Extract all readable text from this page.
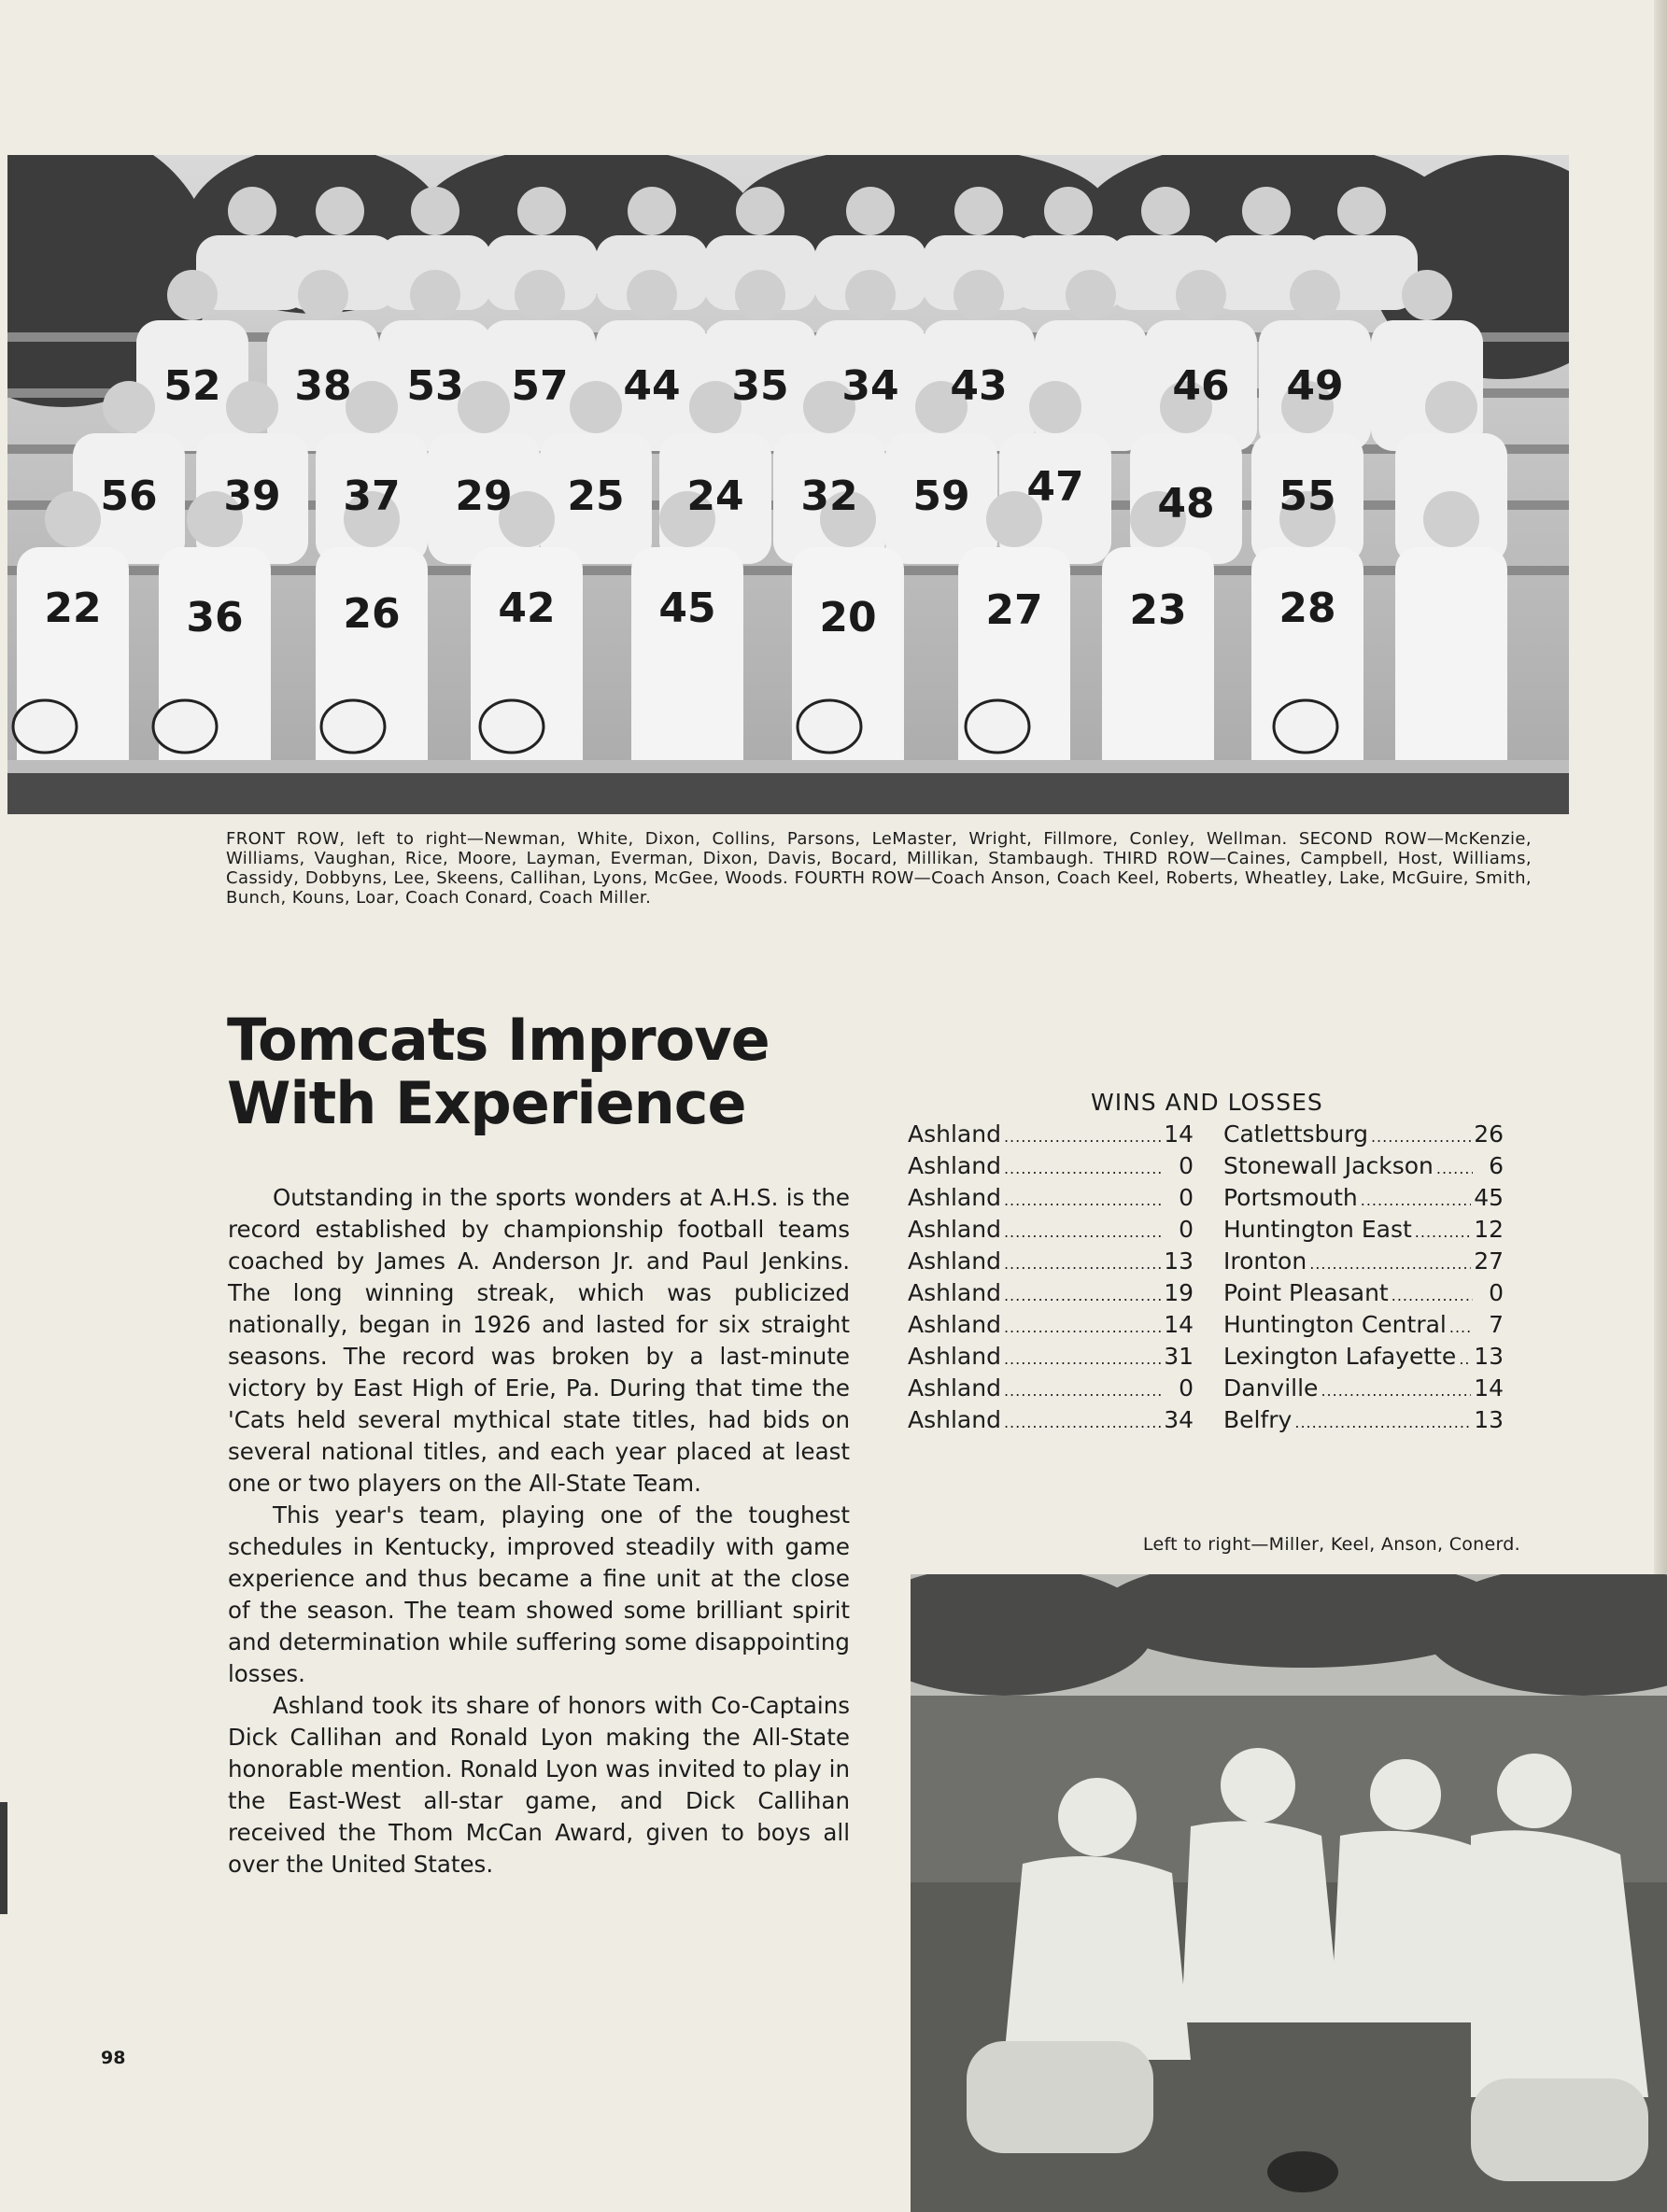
52 38 53 57 44 35 34 43	46 49
56 39 37 29 25 24 32 59 47 48 55
22 36 26 42	45	20	27 23 28
FRONT ROW, left to right—Newman, White, Dixon, Collins, Parsons, LeMaster, Wright, Fillmore, Conley, Wellman. SECOND ROW—McKenzie, Williams, Vaughan, Rice, Moore, Layman, Everman, Dixon, Davis, Bocard, Millikan, Stambaugh. THIRD ROW—Caines, Campbell, Host, Williams, Cassidy, Dobbyns, Lee, Skeens, Callihan, Lyons, McGee, Woods. FOURTH ROW—Coach Anson, Coach Keel, Roberts, Wheatley, Lake, McGuire, Smith, Bunch, Kouns, Loar, Coach Conard, Coach Miller.
Tomcats Improve
With Experience

Outstanding in the sports wonders at A.H.S. is the record established by championship football teams coached by James A. Anderson Jr. and Paul Jenkins. The long winning streak, which was publicized nationally, began in 1926 and lasted for six straight seasons. The record was broken by a last-minute victory by East High of Erie, Pa. During that time the 'Cats held several mythical state titles, had bids on several national titles, and each year placed at least one or two players on the All-State Team.

This year's team, playing one of the toughest schedules in Kentucky, improved steadily with game experience and thus became a fine unit at the close of the season. The team showed some brilliant spirit and determination while suffering some disappointing losses.

Ashland took its share of honors with Co-Captains Dick Callihan and Ronald Lyon making the All-State honorable mention. Ronald Lyon was invited to play in the East-West all-star game, and Dick Callihan received the Thom McCan Award, given to boys all over the United States.

WINS AND LOSSES
Ashland .....	14 Catlettsburg .....	26
Ashland .....	0 Stonewall Jackson .....	6
Ashland .....	0 Portsmouth .....	45
Ashland .....	0 Huntington East .....	12
Ashland .....	13 Ironton .....	27
Ashland .....	19 Point Pleasant .....	0
Ashland .....	14 Huntington Central .....	7
Ashland .....	31 Lexington Lafayette ..... 13
Ashland .....	0 Danville .....	14
Ashland .....	34 Belfry .....	13
Left to right—Miller, Keel, Anson, Conerd.
98
